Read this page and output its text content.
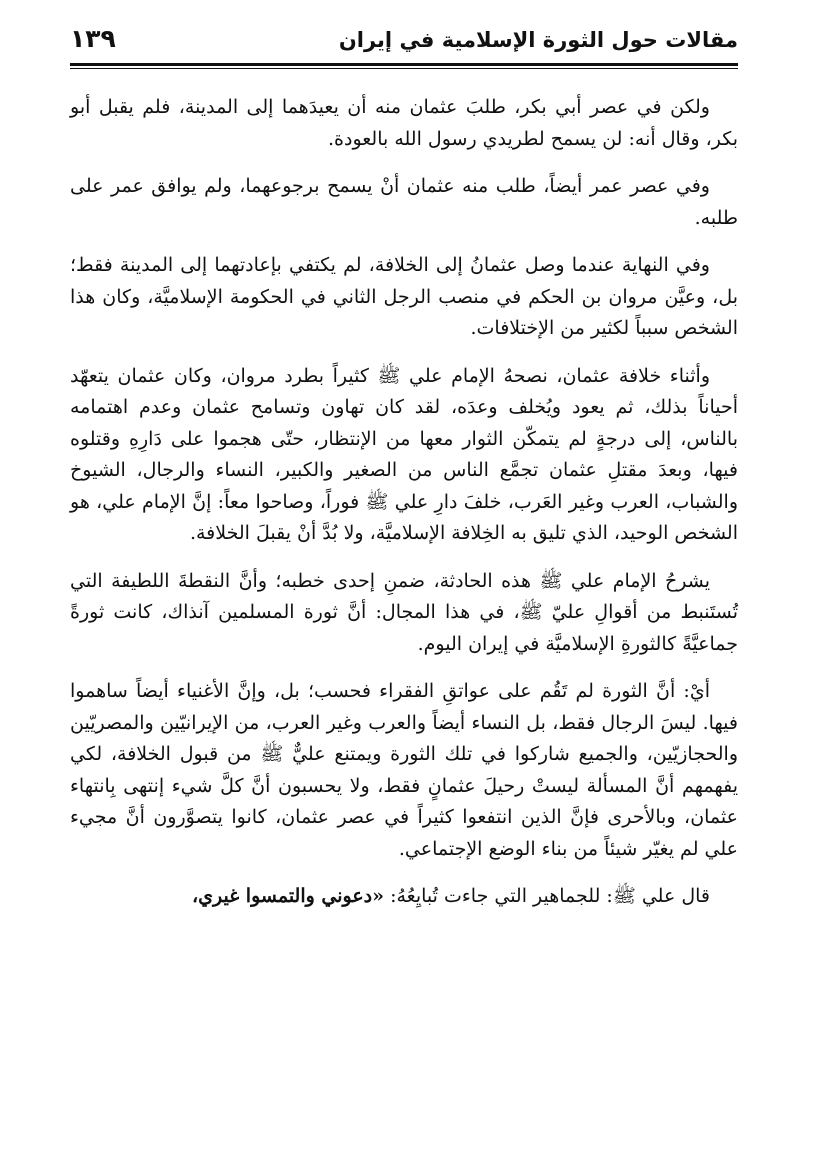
مقالات حول الثورة الإسلامية في إيران
١٣٩

ولكن في عصر أبي بكر، طلبَ عثمان منه أن يعيدَهما إلى المدينة، فلم يقبل أبو بكر، وقال أنه: لن يسمح لطريدي رسول الله بالعودة.

وفي عصر عمر أيضاً، طلب منه عثمان أنْ يسمح برجوعهما، ولم يوافق عمر على طلبه.

وفي النهاية عندما وصل عثمانُ إلى الخلافة، لم يكتفي بإعادتهما إلى المدينة فقط؛ بل، وعيَّن مروان بن الحكم في منصب الرجل الثاني في الحكومة الإسلاميَّة، وكان هذا الشخص سبباً لكثير من الإختلافات.

وأثناء خلافة عثمان، نصحهُ الإمام علي ﷺ كثيراً بطرد مروان، وكان عثمان يتعهّد أحياناً بذلك، ثم يعود ويُخلف وعدَه، لقد كان تهاون وتسامح عثمان وعدم اهتمامه بالناس، إلى درجةٍ لم يتمكّن الثوار معها من الإنتظار، حتّى هجموا على دَارِهِ وقتلوه فيها، وبعدَ مقتلِ عثمان تجمَّع الناس من الصغير والكبير، النساء والرجال، الشيوخ والشباب، العرب وغير العَرب، خلفَ دارِ علي ﷺ فوراً، وصاحوا معاً: إنَّ الإمام علي، هو الشخص الوحيد، الذي تليق به الخِلافة الإسلاميَّة، ولا بُدَّ أنْ يقبلَ الخلافة.

يشرحُ الإمام علي ﷺ هذه الحادثة، ضمنِ إحدى خطبه؛ وأنَّ النقطةَ اللطيفة التي تُستَنبط من أقوالِ عليّ ﷺ، في هذا المجال: أنَّ ثورة المسلمين آنذاك، كانت ثورةً جماعيَّةً كالثورةِ الإسلاميَّة في إيران اليوم.

أيْ: أنَّ الثورة لم تَقُم على عواتقِ الفقراء فحسب؛ بل، وإنَّ الأغنياء أيضاً ساهموا فيها. ليسَ الرجال فقط، بل النساء أيضاً والعرب وغير العرب، من الإيرانيّين والمصريّين والحجازيّين، والجميع شاركوا في تلك الثورة ويمتنع عليٌّ ﷺ من قبول الخلافة، لكي يفهمهم أنَّ المسألة ليستْ رحيلَ عثمانٍ فقط، ولا يحسبون أنَّ كلَّ شيء إنتهى بِانتهاء عثمان، وبالأحرى فإنَّ الذين انتفعوا كثيراً في عصر عثمان، كانوا يتصوَّرون أنَّ مجيء علي لم يغيّر شيئاً من بناء الوضع الإجتماعي.

قال علي ﷺ: للجماهير التي جاءت تُبايِعُهُ: «دعوني والتمسوا غيري،
